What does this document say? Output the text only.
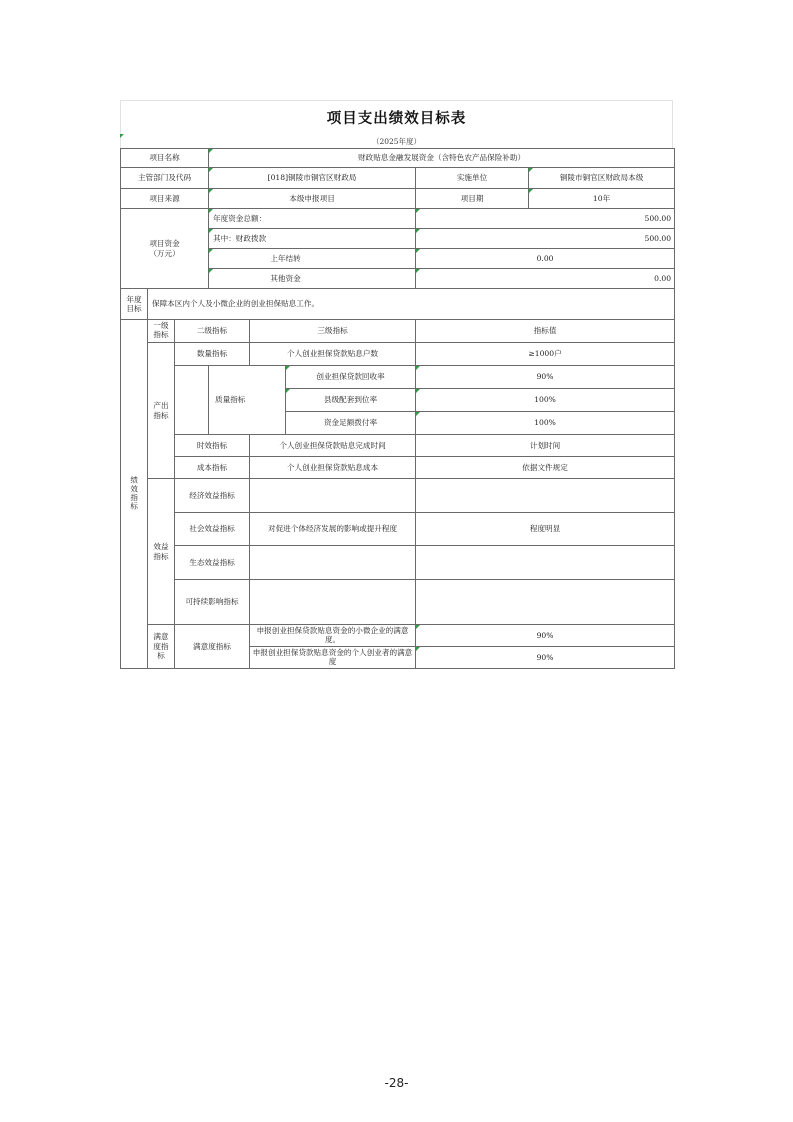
项目支出绩效目标表
（2025年度）
项目名称			财政贴息金融发展资金（含特色农产品保险补助）				
主管部门及代码			[018]铜陵市铜官区财政局			实施单位	铜陵市铜官区财政局本级
项目来源			本级申报项目			项目期	10年
项目资金
（万元）			年度资金总额：			500.00	
			其中：财政拨款			500.00	
			上年结转			0.00	
			其他资金			0.00	
年度目标	保障本区内个人及小微企业的创业担保贴息工作。						
绩效指标	一级指标	二级指标		三级指标		指标值	
	产出指标	数量指标		个人创业担保贷款贴息户数		≥1000户	
			质量指标		创业担保贷款回收率	90%	
					县级配套到位率	100%	
					资金足额拨付率	100%	
		时效指标		个人创业担保贷款贴息完成时间		计划时间	
		成本指标		个人创业担保贷款贴息成本		依据文件规定	
	效益指标	经济效益指标					
		社会效益指标		对促进个体经济发展的影响或提升程度		程度明显	
		生态效益指标					
		可持续影响指标					
	满意度指标	满意度指标		申报创业担保贷款贴息资金的小微企业的满意度。		90%	
				申报创业担保贷款贴息资金的个人创业者的满意度		90%	
-28-
